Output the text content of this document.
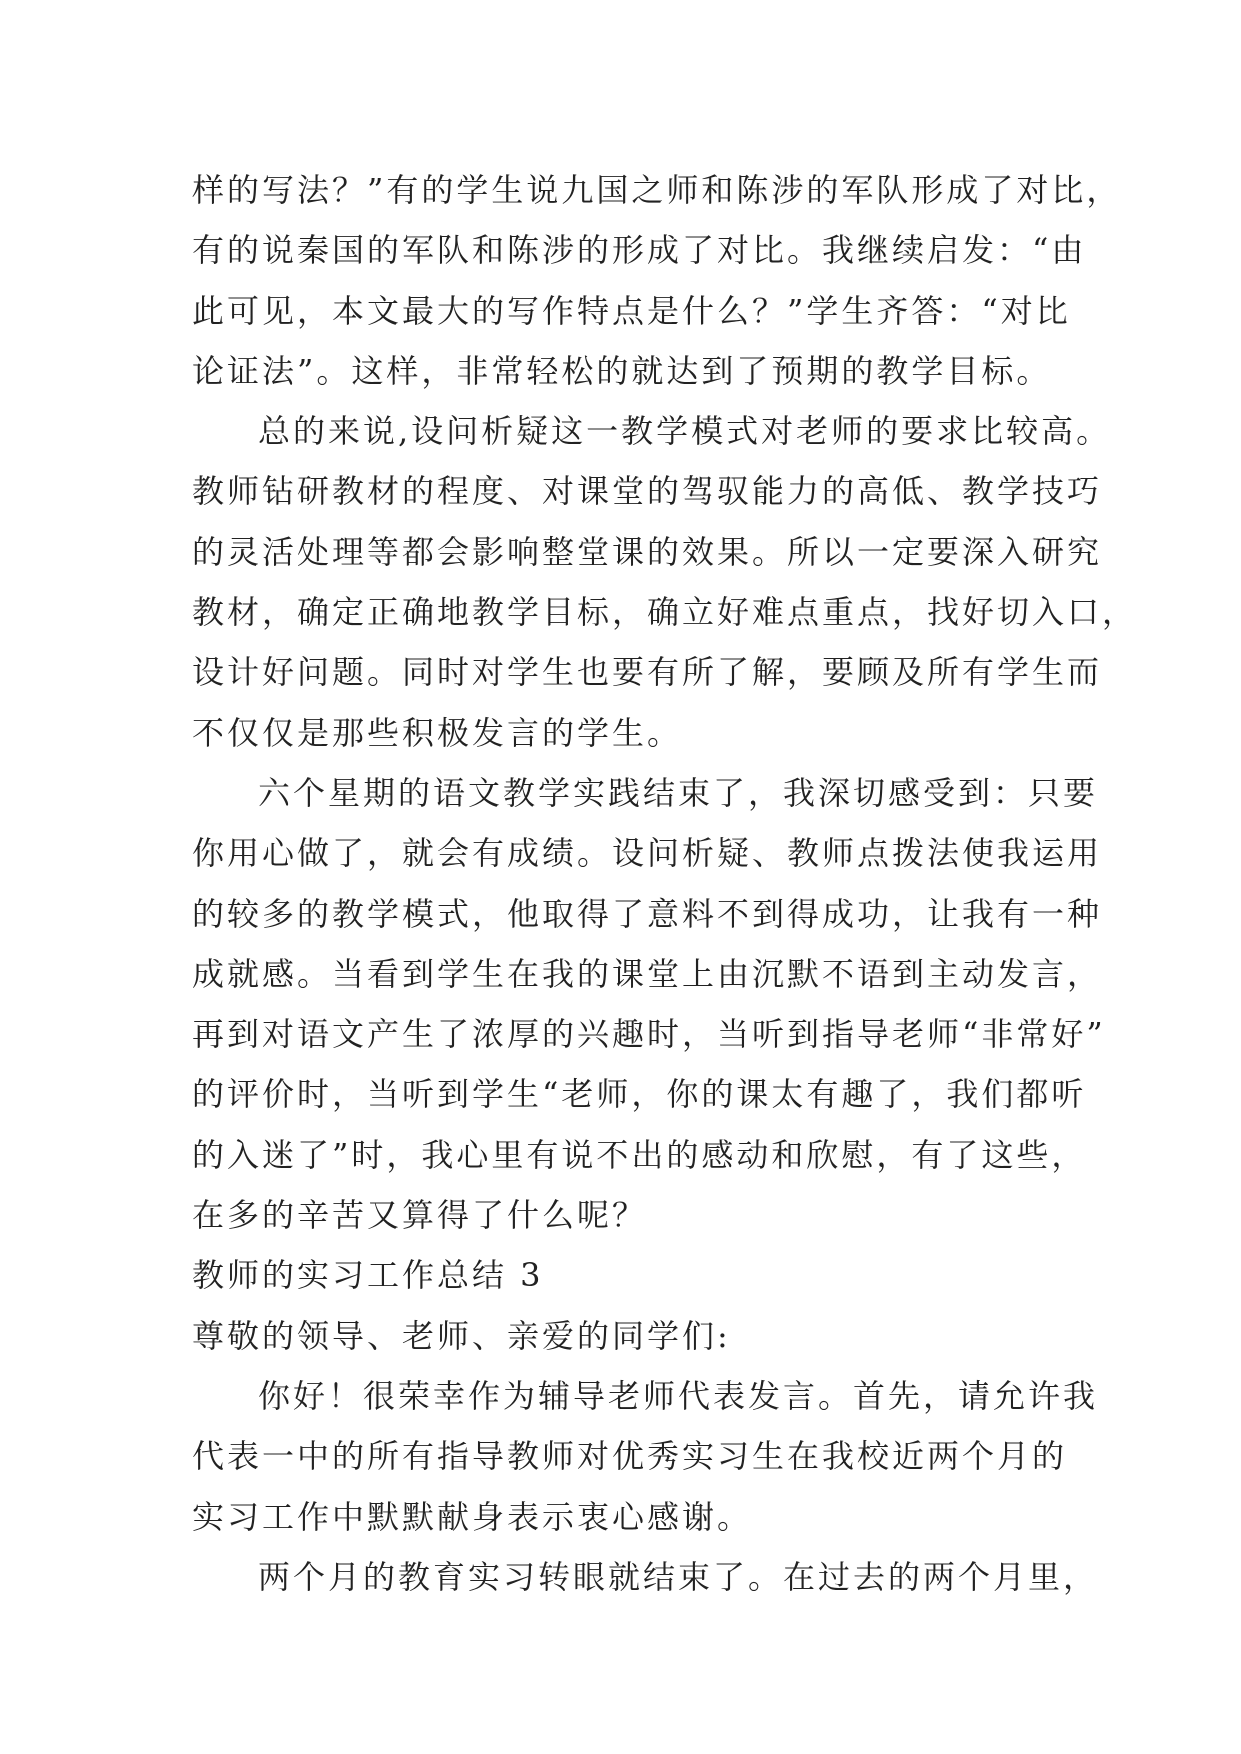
样的写法？”有的学生说九国之师和陈涉的军队形成了对比，
有的说秦国的军队和陈涉的形成了对比。我继续启发：“由
此可见，本文最大的写作特点是什么？”学生齐答：“对比
论证法”。这样，非常轻松的就达到了预期的教学目标。
总的来说,设问析疑这一教学模式对老师的要求比较高。
教师钻研教材的程度、对课堂的驾驭能力的高低、教学技巧
的灵活处理等都会影响整堂课的效果。所以一定要深入研究
教材，确定正确地教学目标，确立好难点重点，找好切入口，
设计好问题。同时对学生也要有所了解，要顾及所有学生而
不仅仅是那些积极发言的学生。
六个星期的语文教学实践结束了，我深切感受到：只要
你用心做了，就会有成绩。设问析疑、教师点拨法使我运用
的较多的教学模式，他取得了意料不到得成功，让我有一种
成就感。当看到学生在我的课堂上由沉默不语到主动发言，
再到对语文产生了浓厚的兴趣时，当听到指导老师“非常好”
的评价时，当听到学生“老师，你的课太有趣了，我们都听
的入迷了”时，我心里有说不出的感动和欣慰，有了这些，
在多的辛苦又算得了什么呢？
教师的实习工作总结 3
尊敬的领导、老师、亲爱的同学们:
你好！很荣幸作为辅导老师代表发言。首先，请允许我
代表一中的所有指导教师对优秀实习生在我校近两个月的
实习工作中默默献身表示衷心感谢。
两个月的教育实习转眼就结束了。在过去的两个月里，
